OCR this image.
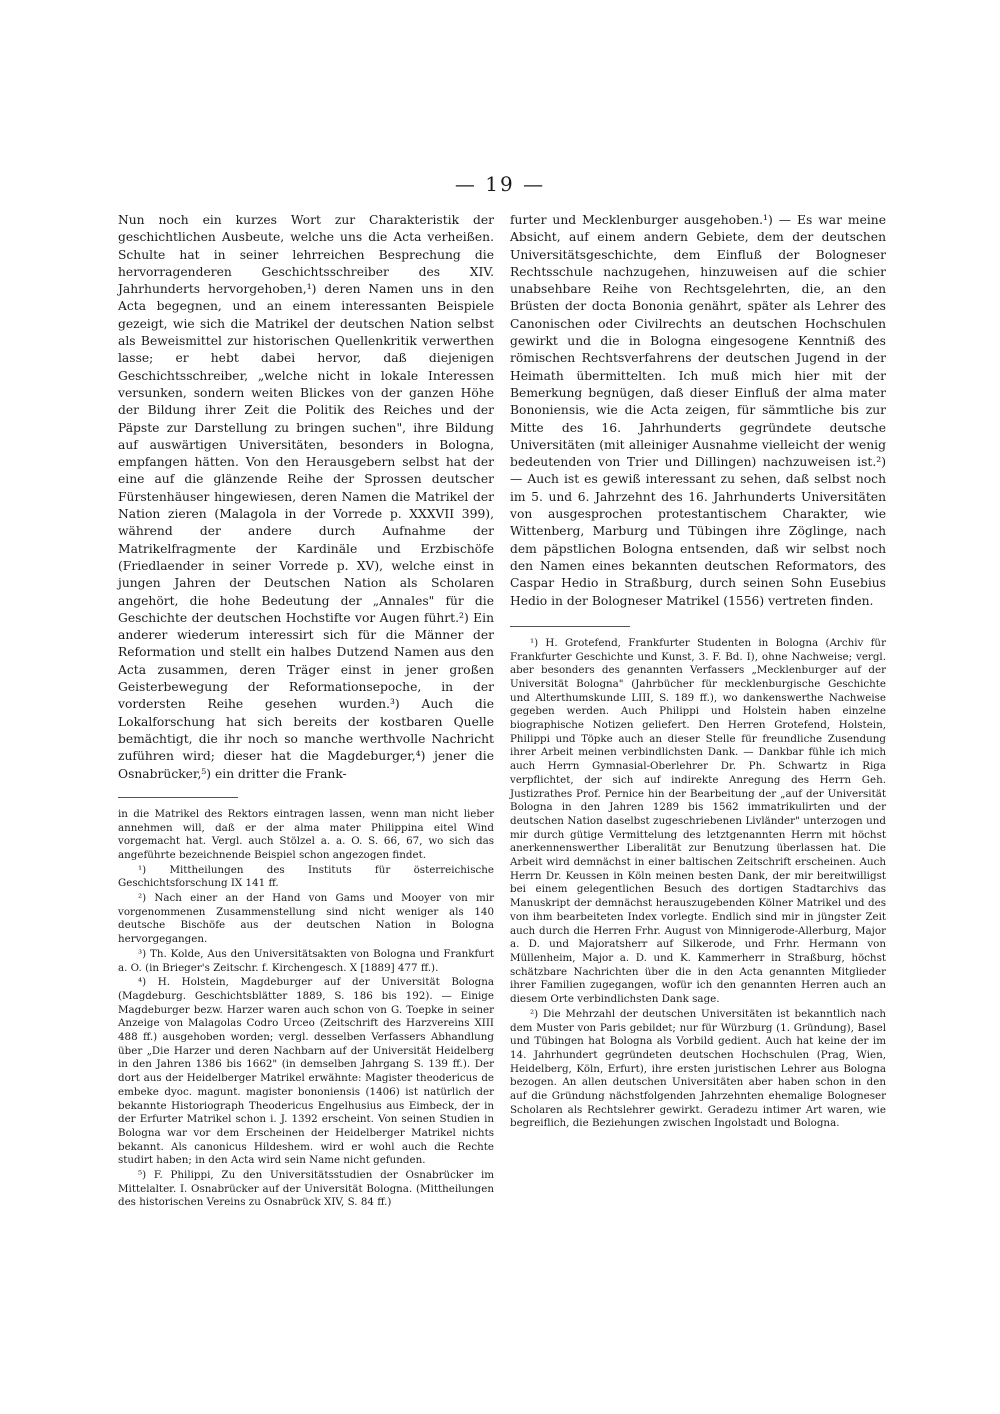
— 19 —

Nun noch ein kurzes Wort zur Charakteristik der geschichtlichen Ausbeute, welche uns die Acta verheißen. Schulte hat in seiner lehrreichen Besprechung die hervorragenderen Geschichtsschreiber des XIV. Jahrhunderts hervorgehoben,¹) deren Namen uns in den Acta begegnen, und an einem interessanten Beispiele gezeigt, wie sich die Matrikel der deutschen Nation selbst als Beweismittel zur historischen Quellenkritik verwerthen lasse; er hebt dabei hervor, daß diejenigen Geschichtsschreiber, „welche nicht in lokale Interessen versunken, sondern weiten Blickes von der ganzen Höhe der Bildung ihrer Zeit die Politik des Reiches und der Päpste zur Darstellung zu bringen suchen", ihre Bildung auf auswärtigen Universitäten, besonders in Bologna, empfangen hätten. Von den Herausgebern selbst hat der eine auf die glänzende Reihe der Sprossen deutscher Fürstenhäuser hingewiesen, deren Namen die Matrikel der Nation zieren (Malagola in der Vorrede p. XXXVII 399), während der andere durch Aufnahme der Matrikelfragmente der Kardinäle und Erzbischöfe (Friedlaender in seiner Vorrede p. XV), welche einst in jungen Jahren der Deutschen Nation als Scholaren angehört, die hohe Bedeutung der „Annales" für die Geschichte der deutschen Hochstifte vor Augen führt.²) Ein anderer wiederum interessirt sich für die Männer der Reformation und stellt ein halbes Dutzend Namen aus den Acta zusammen, deren Träger einst in jener großen Geisterbewegung der Reformationsepoche, in der vordersten Reihe gesehen wurden.³) Auch die Lokalforschung hat sich bereits der kostbaren Quelle bemächtigt, die ihr noch so manche werthvolle Nachricht zuführen wird; dieser hat die Magdeburger,⁴) jener die Osnabrücker,⁵) ein dritter die Frank-

in die Matrikel des Rektors eintragen lassen, wenn man nicht lieber annehmen will, daß er der alma mater Philippina eitel Wind vorgemacht hat. Vergl. auch Stölzel a. a. O. S. 66, 67, wo sich das angeführte bezeichnende Beispiel schon angezogen findet.

¹) Mittheilungen des Instituts für österreichische Geschichtsforschung IX 141 ff.

²) Nach einer an der Hand von Gams und Mooyer von mir vorgenommenen Zusammenstellung sind nicht weniger als 140 deutsche Bischöfe aus der deutschen Nation in Bologna hervorgegangen.

³) Th. Kolde, Aus den Universitätsakten von Bologna und Frankfurt a. O. (in Brieger's Zeitschr. f. Kirchengesch. X [1889] 477 ff.).

⁴) H. Holstein, Magdeburger auf der Universität Bologna (Magdeburg. Geschichtsblätter 1889, S. 186 bis 192). — Einige Magdeburger bezw. Harzer waren auch schon von G. Toepke in seiner Anzeige von Malagolas Codro Urceo (Zeitschrift des Harzvereins XIII 488 ff.) ausgehoben worden; vergl. desselben Verfassers Abhandlung über „Die Harzer und deren Nachbarn auf der Universität Heidelberg in den Jahren 1386 bis 1662" (in demselben Jahrgang S. 139 ff.). Der dort aus der Heidelberger Matrikel erwähnte: Magister theodericus de embeke dyoc. magunt. magister bononiensis (1406) ist natürlich der bekannte Historiograph Theodericus Engelhusius aus Eimbeck, der in der Erfurter Matrikel schon i. J. 1392 erscheint. Von seinen Studien in Bologna war vor dem Erscheinen der Heidelberger Matrikel nichts bekannt. Als canonicus Hildeshem. wird er wohl auch die Rechte studirt haben; in den Acta wird sein Name nicht gefunden.

⁵) F. Philippi, Zu den Universitätsstudien der Osnabrücker im Mittelalter. I. Osnabrücker auf der Universität Bologna. (Mittheilungen des historischen Vereins zu Osnabrück XIV, S. 84 ff.)

furter und Mecklenburger ausgehoben.¹) — Es war meine Absicht, auf einem andern Gebiete, dem der deutschen Universitätsgeschichte, dem Einfluß der Bologneser Rechtsschule nachzugehen, hinzuweisen auf die schier unabsehbare Reihe von Rechtsgelehrten, die, an den Brüsten der docta Bononia genährt, später als Lehrer des Canonischen oder Civilrechts an deutschen Hochschulen gewirkt und die in Bologna eingesogene Kenntniß des römischen Rechtsverfahrens der deutschen Jugend in der Heimath übermittelten. Ich muß mich hier mit der Bemerkung begnügen, daß dieser Einfluß der alma mater Bononiensis, wie die Acta zeigen, für sämmtliche bis zur Mitte des 16. Jahrhunderts gegründete deutsche Universitäten (mit alleiniger Ausnahme vielleicht der wenig bedeutenden von Trier und Dillingen) nachzuweisen ist.²) — Auch ist es gewiß interessant zu sehen, daß selbst noch im 5. und 6. Jahrzehnt des 16. Jahrhunderts Universitäten von ausgesprochen protestantischem Charakter, wie Wittenberg, Marburg und Tübingen ihre Zöglinge, nach dem päpstlichen Bologna entsenden, daß wir selbst noch den Namen eines bekannten deutschen Reformators, des Caspar Hedio in Straßburg, durch seinen Sohn Eusebius Hedio in der Bologneser Matrikel (1556) vertreten finden.

¹) H. Grotefend, Frankfurter Studenten in Bologna (Archiv für Frankfurter Geschichte und Kunst, 3. F. Bd. I), ohne Nachweise; vergl. aber besonders des genannten Verfassers „Mecklenburger auf der Universität Bologna" (Jahrbücher für mecklenburgische Geschichte und Alterthumskunde LIII, S. 189 ff.), wo dankenswerthe Nachweise gegeben werden. Auch Philippi und Holstein haben einzelne biographische Notizen geliefert. Den Herren Grotefend, Holstein, Philippi und Töpke auch an dieser Stelle für freundliche Zusendung ihrer Arbeit meinen verbindlichsten Dank. — Dankbar fühle ich mich auch Herrn Gymnasial-Oberlehrer Dr. Ph. Schwartz in Riga verpflichtet, der sich auf indirekte Anregung des Herrn Geh. Justizrathes Prof. Pernice hin der Bearbeitung der „auf der Universität Bologna in den Jahren 1289 bis 1562 immatrikulirten und der deutschen Nation daselbst zugeschriebenen Livländer" unterzogen und mir durch gütige Vermittelung des letztgenannten Herrn mit höchst anerkennenswerther Liberalität zur Benutzung überlassen hat. Die Arbeit wird demnächst in einer baltischen Zeitschrift erscheinen. Auch Herrn Dr. Keussen in Köln meinen besten Dank, der mir bereitwilligst bei einem gelegentlichen Besuch des dortigen Stadtarchivs das Manuskript der demnächst herauszugebenden Kölner Matrikel und des von ihm bearbeiteten Index vorlegte. Endlich sind mir in jüngster Zeit auch durch die Herren Frhr. August von Minnigerode-Allerburg, Major a. D. und Majoratsherr auf Silkerode, und Frhr. Hermann von Müllenheim, Major a. D. und K. Kammerherr in Straßburg, höchst schätzbare Nachrichten über die in den Acta genannten Mitglieder ihrer Familien zugegangen, wofür ich den genannten Herren auch an diesem Orte verbindlichsten Dank sage.

²) Die Mehrzahl der deutschen Universitäten ist bekanntlich nach dem Muster von Paris gebildet; nur für Würzburg (1. Gründung), Basel und Tübingen hat Bologna als Vorbild gedient. Auch hat keine der im 14. Jahrhundert gegründeten deutschen Hochschulen (Prag, Wien, Heidelberg, Köln, Erfurt), ihre ersten juristischen Lehrer aus Bologna bezogen. An allen deutschen Universitäten aber haben schon in den auf die Gründung nächstfolgenden Jahrzehnten ehemalige Bologneser Scholaren als Rechtslehrer gewirkt. Geradezu intimer Art waren, wie begreiflich, die Beziehungen zwischen Ingolstadt und Bologna.
